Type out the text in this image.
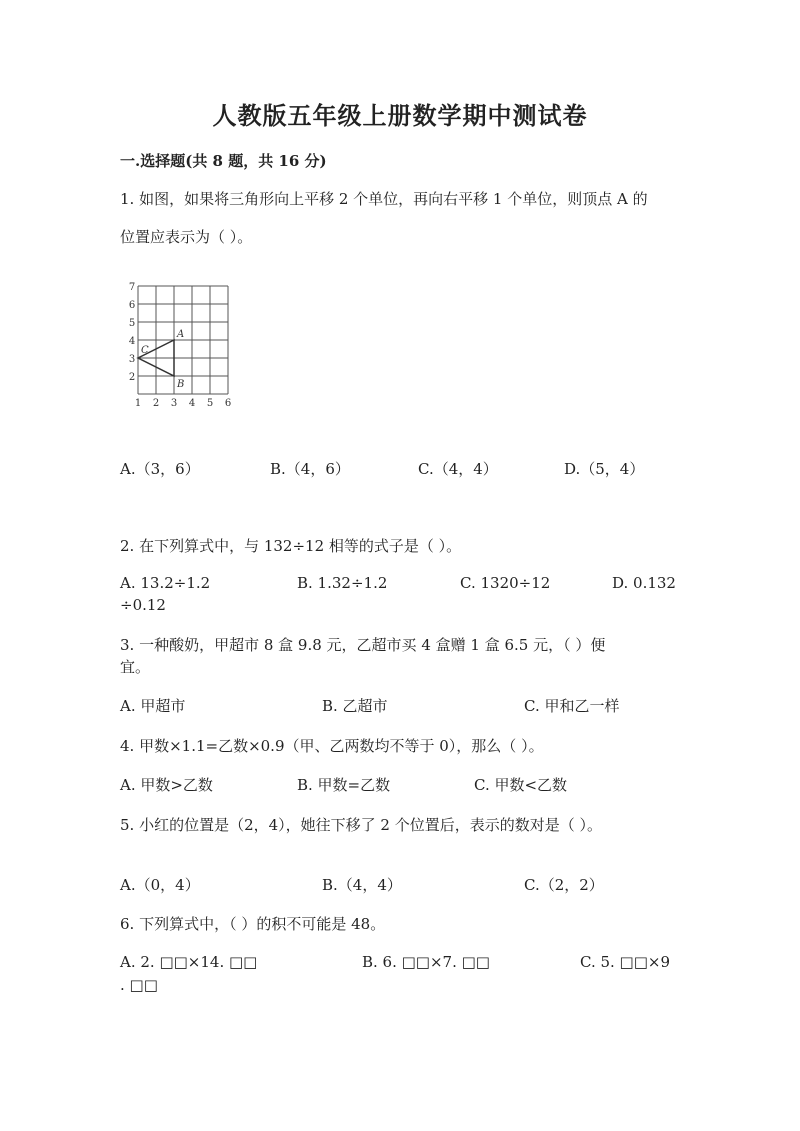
人教版五年级上册数学期中测试卷
一.选择题(共 8 题，共 16 分)
1. 如图，如果将三角形向上平移 2 个单位，再向右平移 1 个单位，则顶点 A 的
位置应表示为（ ）。
7
6
5
4
3
2
1 2 3 4 5 6
A
C
B
A.（3，6）	B.（4，6）	C.（4，4）	D.（5，4）
2. 在下列算式中，与 132÷12 相等的式子是（ ）。
A. 13.2÷1.2	B. 1.32÷1.2	C. 1320÷12	D. 0.132
÷0.12
3. 一种酸奶，甲超市 8 盒 9.8 元，乙超市买 4 盒赠 1 盒 6.5 元，（ ）便
宜。
A. 甲超市	B. 乙超市	C. 甲和乙一样
4. 甲数×1.1=乙数×0.9（甲、乙两数均不等于 0），那么（ ）。
A. 甲数>乙数	B. 甲数=乙数	C. 甲数<乙数
5. 小红的位置是（2，4），她往下移了 2 个位置后，表示的数对是（ ）。
A.（0，4）	B.（4，4）	C.（2，2）
6. 下列算式中，（ ）的积不可能是 48。
A. 2. □□×14. □□	B. 6. □□×7. □□	C. 5. □□×9
. □□
